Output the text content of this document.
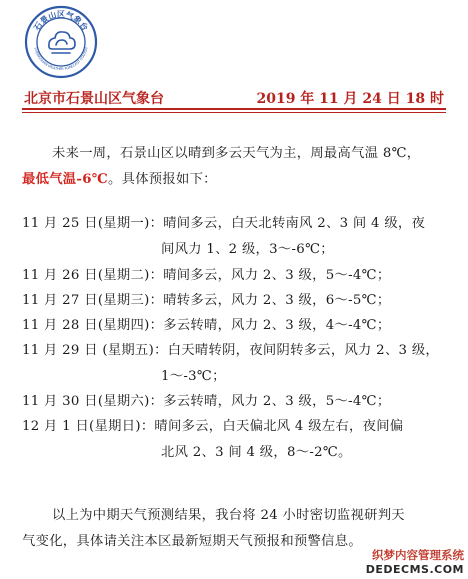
石景山区气象台
SHIJINGSHAN WEATHER FORECAST STATION
北京市石景山区气象台	2019 年 11 月 24 日 18 时
未来一周，石景山区以晴到多云天气为主，周最高气温 8℃，
最低气温-6℃。具体预报如下：
11 月 25 日(星期一)：晴间多云，白天北转南风 2、3 间 4 级，夜
间风力 1、2 级，3～-6℃；
11 月 26 日(星期二)：晴间多云，风力 2、3 级，5～-4℃；
11 月 27 日(星期三)：晴转多云，风力 2、3 级，6～-5℃；
11 月 28 日(星期四)：多云转晴，风力 2、3 级，4～-4℃；
11 月 29 日 (星期五)：白天晴转阴，夜间阴转多云，风力 2、3 级，
1～-3℃；
11 月 30 日(星期六)：多云转晴，风力 2、3 级，5～-4℃；
12 月 1 日(星期日)：晴间多云，白天偏北风 4 级左右，夜间偏
北风 2、3 间 4 级，8～-2℃。
以上为中期天气预测结果，我台将 24 小时密切监视研判天
气变化，具体请关注本区最新短期天气预报和预警信息。
织梦内容管理系统
DEDECMS.COM
